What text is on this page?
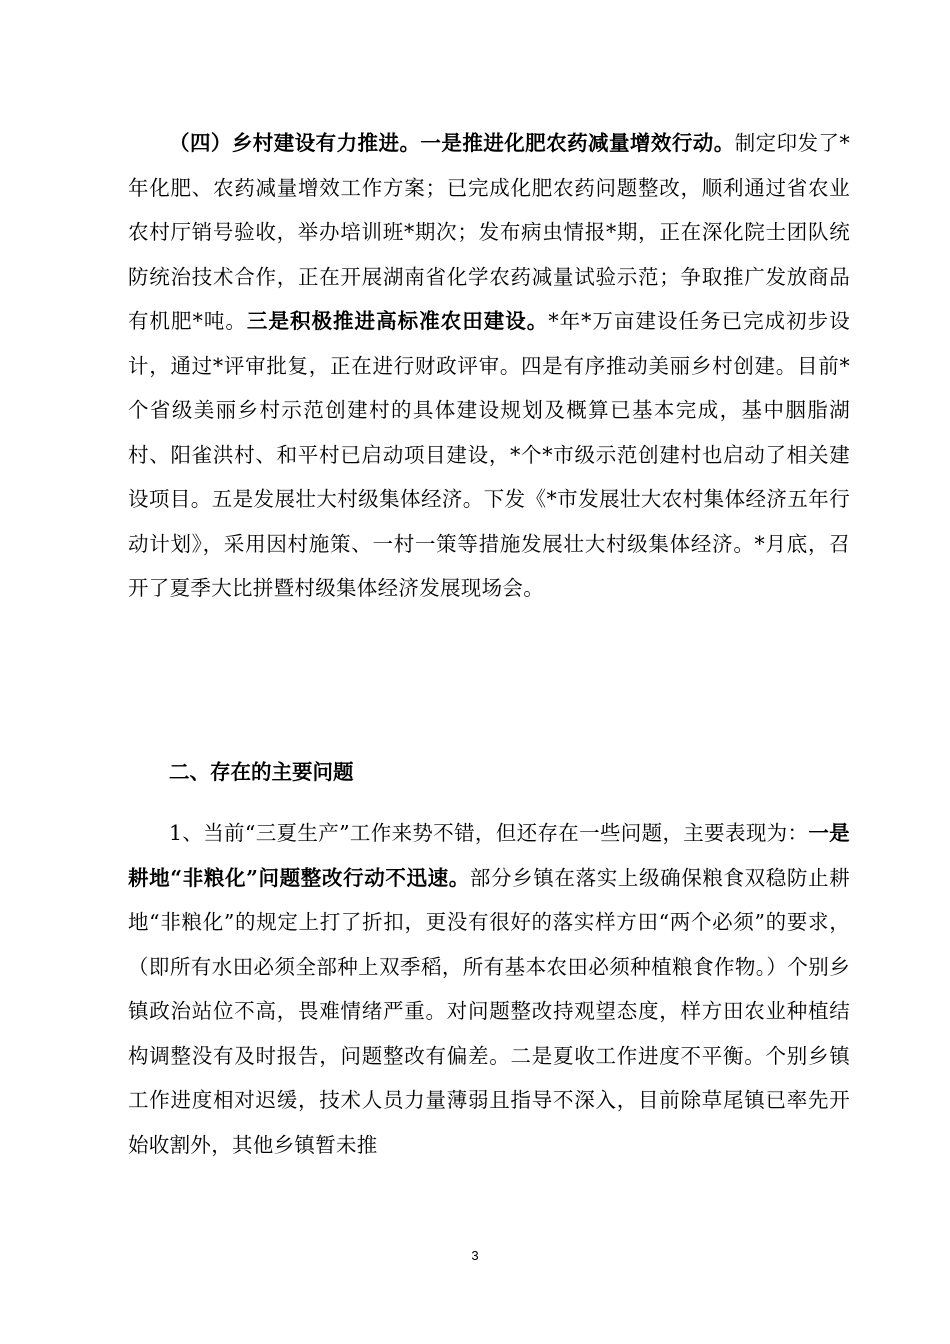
（四）乡村建设有力推进。一是推进化肥农药减量增效行动。制定印发了*年化肥、农药减量增效工作方案；已完成化肥农药问题整改，顺利通过省农业农村厅销号验收，举办培训班*期次；发布病虫情报*期，正在深化院士团队统防统治技术合作，正在开展湖南省化学农药减量试验示范；争取推广发放商品有机肥*吨。三是积极推进高标准农田建设。*年*万亩建设任务已完成初步设计，通过*评审批复，正在进行财政评审。四是有序推动美丽乡村创建。目前*个省级美丽乡村示范创建村的具体建设规划及概算已基本完成，基中胭脂湖村、阳雀洪村、和平村已启动项目建设，*个*市级示范创建村也启动了相关建设项目。五是发展壮大村级集体经济。下发《*市发展壮大农村集体经济五年行动计划》，采用因村施策、一村一策等措施发展壮大村级集体经济。*月底，召开了夏季大比拼暨村级集体经济发展现场会。

二、存在的主要问题

1、当前“三夏生产”工作来势不错，但还存在一些问题，主要表现为：一是耕地“非粮化”问题整改行动不迅速。部分乡镇在落实上级确保粮食双稳防止耕地“非粮化”的规定上打了折扣，更没有很好的落实样方田“两个必须”的要求，（即所有水田必须全部种上双季稻，所有基本农田必须种植粮食作物。）个别乡镇政治站位不高，畏难情绪严重。对问题整改持观望态度，样方田农业种植结构调整没有及时报告，问题整改有偏差。二是夏收工作进度不平衡。个别乡镇工作进度相对迟缓，技术人员力量薄弱且指导不深入，目前除草尾镇已率先开始收割外，其他乡镇暂未推

3
